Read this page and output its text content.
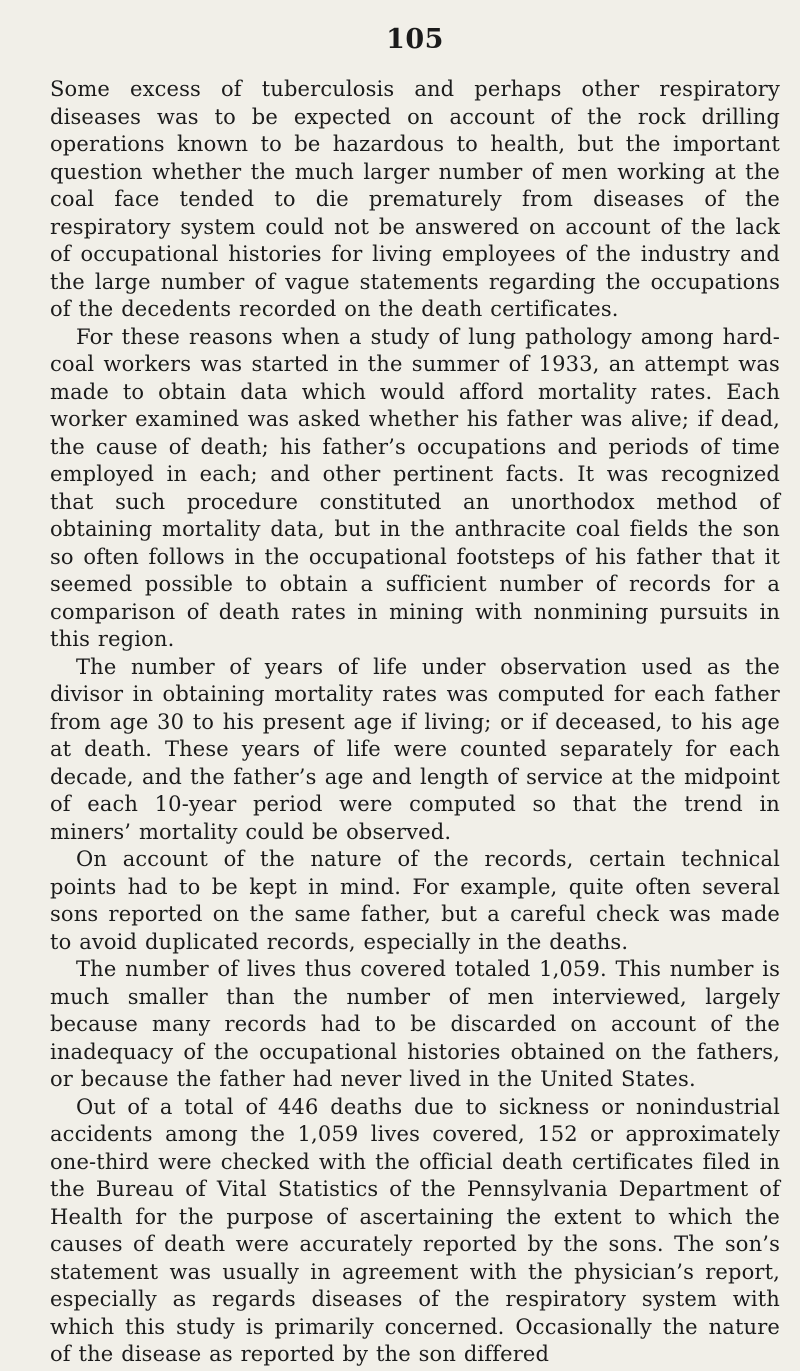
105

Some excess of tuberculosis and perhaps other respiratory diseases was to be expected on account of the rock drilling operations known to be hazardous to health, but the important question whether the much larger number of men working at the coal face tended to die prematurely from diseases of the respiratory system could not be answered on account of the lack of occupational histories for living employees of the industry and the large number of vague statements regarding the occupations of the decedents recorded on the death certificates.

For these reasons when a study of lung pathology among hard-coal workers was started in the summer of 1933, an attempt was made to obtain data which would afford mortality rates. Each worker examined was asked whether his father was alive; if dead, the cause of death; his father’s occupations and periods of time employed in each; and other pertinent facts. It was recognized that such procedure constituted an unorthodox method of obtaining mortality data, but in the anthracite coal fields the son so often follows in the occupational footsteps of his father that it seemed possible to obtain a sufficient number of records for a comparison of death rates in mining with nonmining pursuits in this region.

The number of years of life under observation used as the divisor in obtaining mortality rates was computed for each father from age 30 to his present age if living; or if deceased, to his age at death. These years of life were counted separately for each decade, and the father’s age and length of service at the midpoint of each 10-year period were computed so that the trend in miners’ mortality could be observed.

On account of the nature of the records, certain technical points had to be kept in mind. For example, quite often several sons reported on the same father, but a careful check was made to avoid duplicated records, especially in the deaths.

The number of lives thus covered totaled 1,059. This number is much smaller than the number of men interviewed, largely because many records had to be discarded on account of the inadequacy of the occupational histories obtained on the fathers, or because the father had never lived in the United States.

Out of a total of 446 deaths due to sickness or nonindustrial accidents among the 1,059 lives covered, 152 or approximately one-third were checked with the official death certificates filed in the Bureau of Vital Statistics of the Pennsylvania Department of Health for the purpose of ascertaining the extent to which the causes of death were accurately reported by the sons. The son’s statement was usually in agreement with the physician’s report, especially as regards diseases of the respiratory system with which this study is primarily concerned. Occasionally the nature of the disease as reported by the son differed
